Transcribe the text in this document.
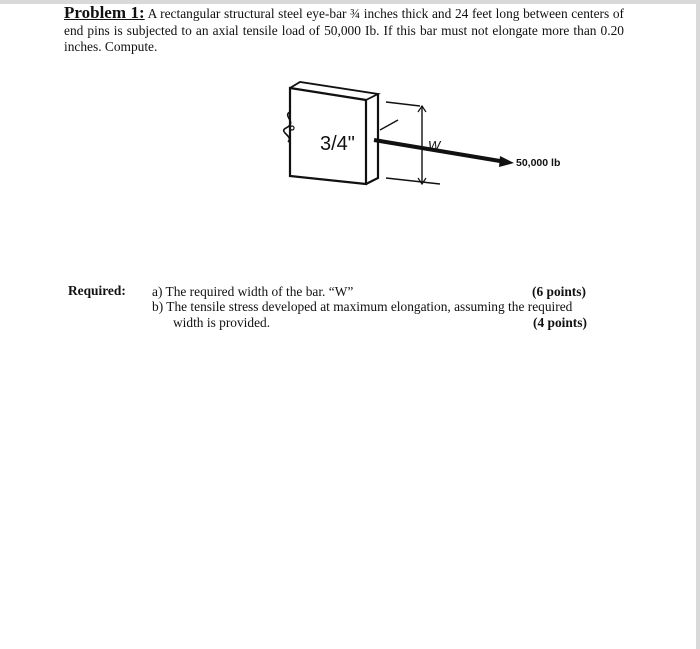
Problem 1: A rectangular structural steel eye-bar ¾ inches thick and 24 feet long between centers of end pins is subjected to an axial tensile load of 50,000 Ib. If this bar must not elongate more than 0.20 inches. Compute.
3/4"	W
50,000 lb
Required: a) The required width of the bar. “W”	(6 points)
b) The tensile stress developed at maximum elongation, assuming the required
width is provided.	(4 points)
